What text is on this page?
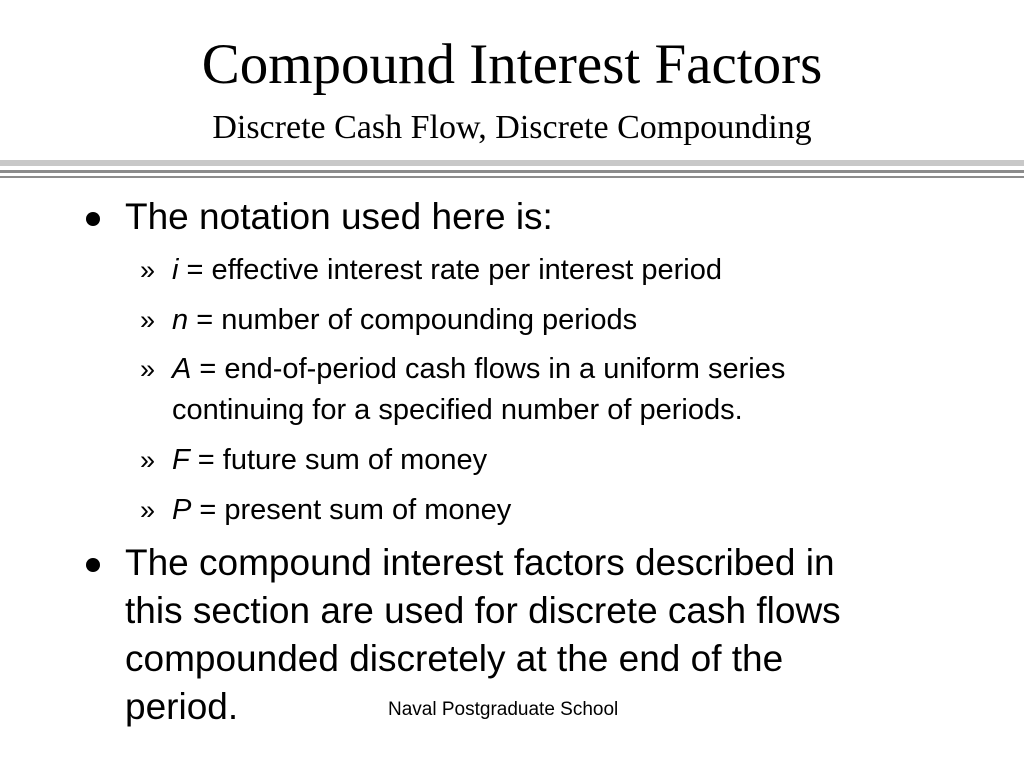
Compound Interest Factors
Discrete Cash Flow, Discrete Compounding

The notation used here is:

» i = effective interest rate per interest period

» n = number of compounding periods

» A = end-of-period cash flows in a uniform series

continuing for a specified number of periods.

» F = future sum of money

» P = present sum of money

The compound interest factors described in

this section are used for discrete cash flows

compounded discretely at the end of the

period.	Naval Postgraduate School
